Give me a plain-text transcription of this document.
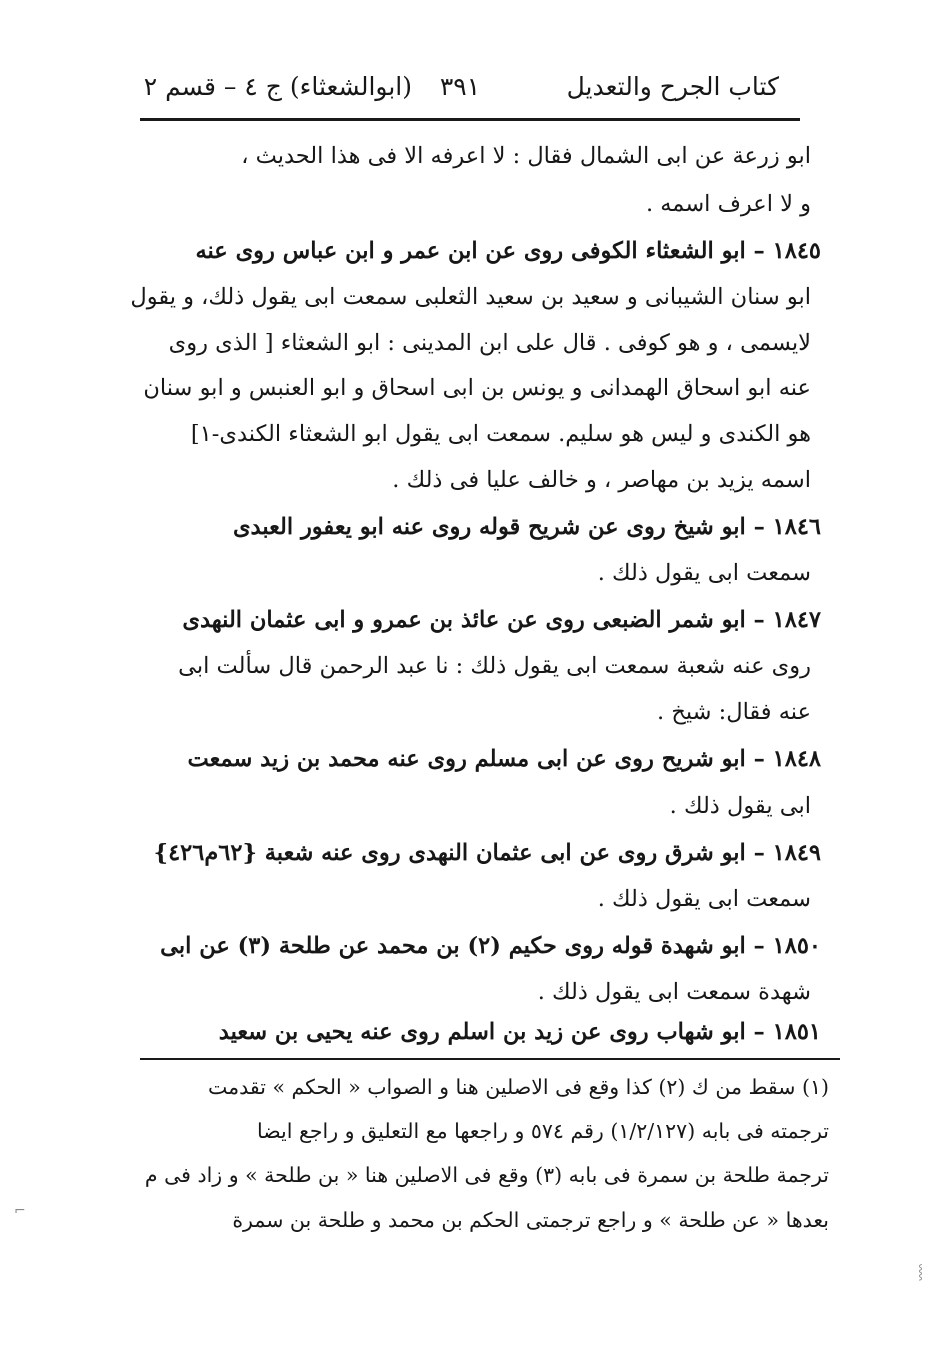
كتاب الجرح والتعديل
٣٩١
(ابوالشعثاء) ج ٤ – قسم ٢
ابو زرعة عن ابى الشمال فقال : لا اعرفه الا فى هذا الحديث ،
و لا اعرف اسمه .
١٨٤٥ – ابو الشعثاء الكوفى روى عن ابن عمر و ابن عباس روى عنه
ابو سنان الشيبانى و سعيد بن سعيد الثعلبى سمعت ابى يقول ذلك، و يقول
لايسمى ، و هو كوفى . قال على ابن المدينى : ابو الشعثاء [ الذى روى
عنه ابو اسحاق الهمدانى و يونس بن ابى اسحاق و ابو العنبس و ابو سنان
هو الكندى و ليس هو سليم. سمعت ابى يقول ابو الشعثاء الكندى-١]
اسمه يزيد بن مهاصر ، و خالف عليا فى ذلك .
١٨٤٦ – ابو شيخ روى عن شريح قوله روى عنه ابو يعفور العبدى
سمعت ابى يقول ذلك .
١٨٤٧ – ابو شمر الضبعى روى عن عائذ بن عمرو و ابى عثمان النهدى
روى عنه شعبة سمعت ابى يقول ذلك : نا عبد الرحمن قال سألت ابى
عنه فقال: شيخ .
١٨٤٨ – ابو شريح روى عن ابى مسلم روى عنه محمد بن زيد سمعت
ابى يقول ذلك .
١٨٤٩ – ابو شرق روى عن ابى عثمان النهدى روى عنه شعبة {٦٢م٤٢٦}
سمعت ابى يقول ذلك .
١٨٥٠ – ابو شهدة قوله روى حكيم (٢) بن محمد عن طلحة (٣) عن ابى
شهدة سمعت ابى يقول ذلك .
١٨٥١ – ابو شهاب روى عن زيد بن اسلم روى عنه يحيى بن سعيد
(١) سقط من ك (٢) كذا وقع فى الاصلين هنا و الصواب « الحكم » تقدمت
ترجمته فى بابه (١/٢/١٢٧) رقم ٥٧٤ و راجعها مع التعليق و راجع ايضا
ترجمة طلحة بن سمرة فى بابه (٣) وقع فى الاصلين هنا « بن طلحة » و زاد فى م
بعدها « عن طلحة » و راجع ترجمتى الحكم بن محمد و طلحة بن سمرة
⌐
⸾
